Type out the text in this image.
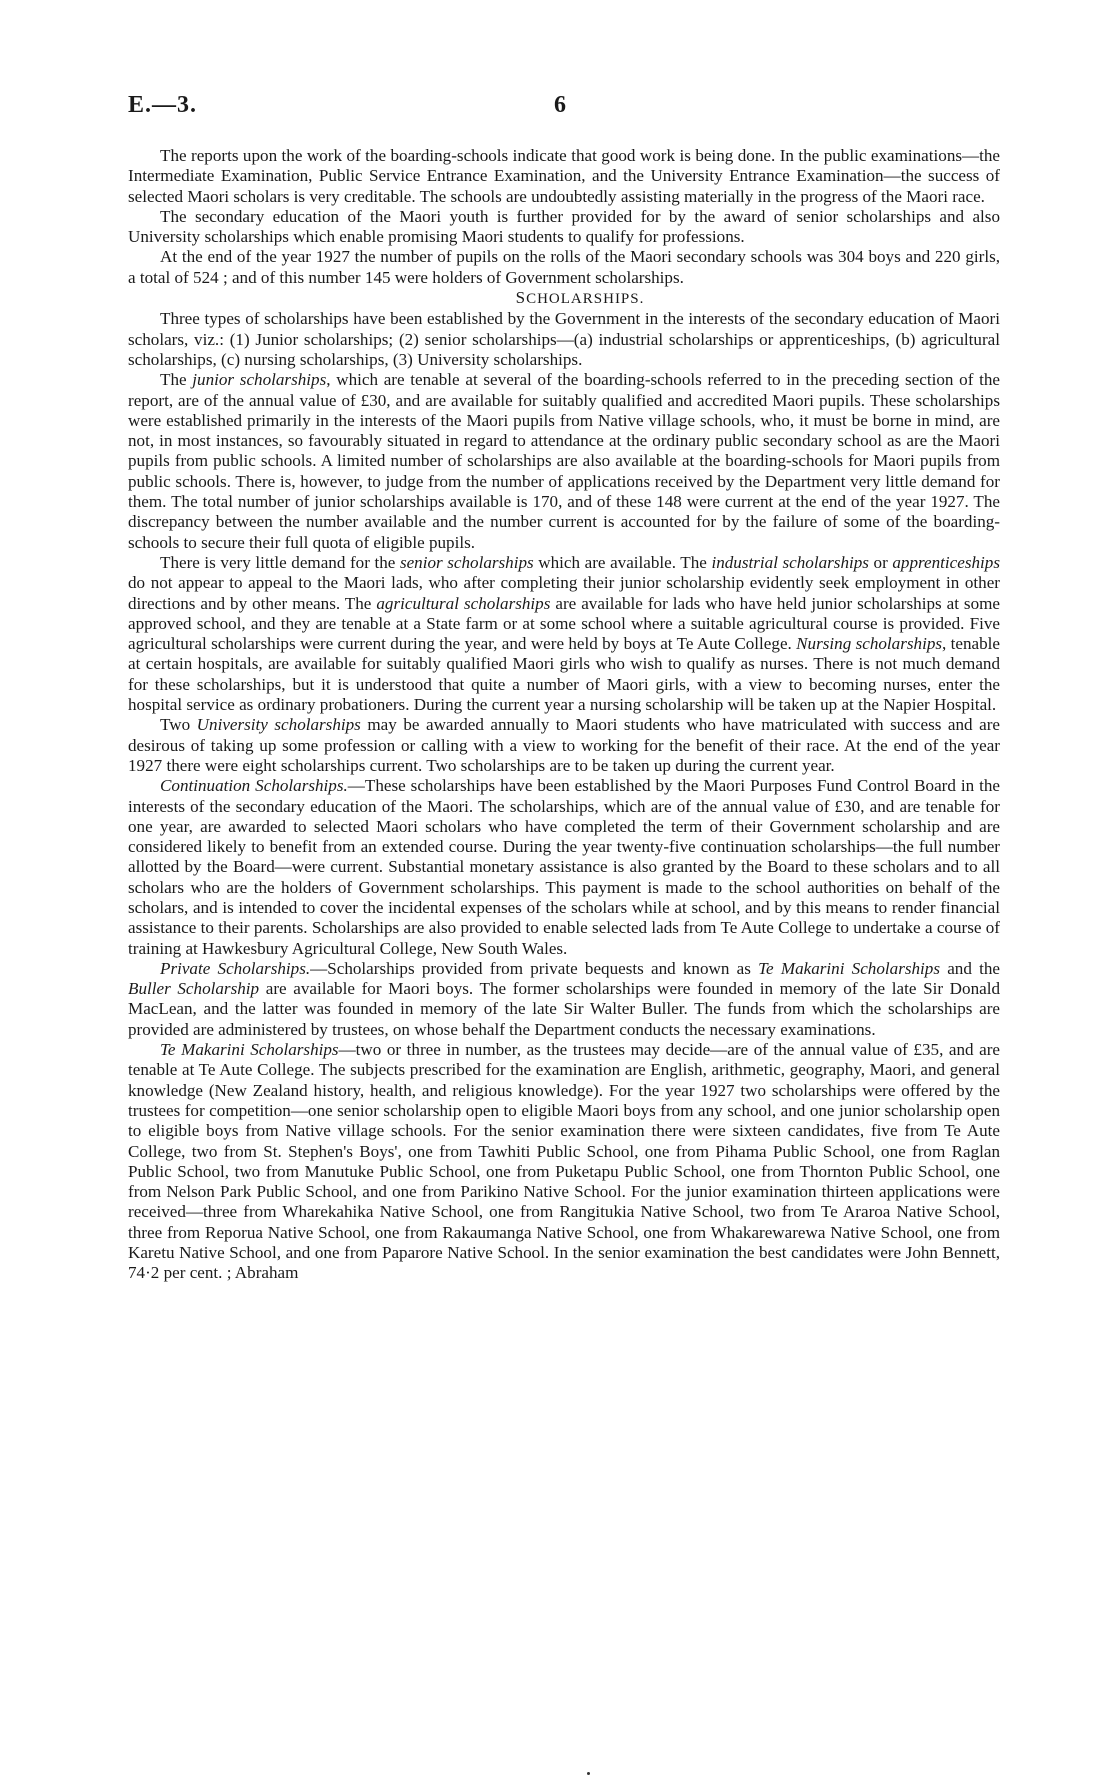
E.—3.	6

The reports upon the work of the boarding-schools indicate that good work is being done. In the public examinations—the Intermediate Examination, Public Service Entrance Examination, and the University Entrance Examination—the success of selected Maori scholars is very creditable. The schools are undoubtedly assisting materially in the progress of the Maori race.

The secondary education of the Maori youth is further provided for by the award of senior scholarships and also University scholarships which enable promising Maori students to qualify for professions.

At the end of the year 1927 the number of pupils on the rolls of the Maori secondary schools was 304 boys and 220 girls, a total of 524 ; and of this number 145 were holders of Government scholarships.

SCHOLARSHIPS.

Three types of scholarships have been established by the Government in the interests of the secondary education of Maori scholars, viz.: (1) Junior scholarships; (2) senior scholarships—(a) industrial scholarships or apprenticeships, (b) agricultural scholarships, (c) nursing scholarships, (3) University scholarships.

The junior scholarships, which are tenable at several of the boarding-schools referred to in the preceding section of the report, are of the annual value of £30, and are available for suitably qualified and accredited Maori pupils. These scholarships were established primarily in the interests of the Maori pupils from Native village schools, who, it must be borne in mind, are not, in most instances, so favourably situated in regard to attendance at the ordinary public secondary school as are the Maori pupils from public schools. A limited number of scholarships are also available at the boarding-schools for Maori pupils from public schools. There is, however, to judge from the number of applications received by the Department very little demand for them. The total number of junior scholarships available is 170, and of these 148 were current at the end of the year 1927. The discrepancy between the number available and the number current is accounted for by the failure of some of the boarding-schools to secure their full quota of eligible pupils.

There is very little demand for the senior scholarships which are available. The industrial scholarships or apprenticeships do not appear to appeal to the Maori lads, who after completing their junior scholarship evidently seek employment in other directions and by other means. The agricultural scholarships are available for lads who have held junior scholarships at some approved school, and they are tenable at a State farm or at some school where a suitable agricultural course is provided. Five agricultural scholarships were current during the year, and were held by boys at Te Aute College. Nursing scholarships, tenable at certain hospitals, are available for suitably qualified Maori girls who wish to qualify as nurses. There is not much demand for these scholarships, but it is understood that quite a number of Maori girls, with a view to becoming nurses, enter the hospital service as ordinary probationers. During the current year a nursing scholarship will be taken up at the Napier Hospital.

Two University scholarships may be awarded annually to Maori students who have matriculated with success and are desirous of taking up some profession or calling with a view to working for the benefit of their race. At the end of the year 1927 there were eight scholarships current. Two scholarships are to be taken up during the current year.

Continuation Scholarships.—These scholarships have been established by the Maori Purposes Fund Control Board in the interests of the secondary education of the Maori. The scholarships, which are of the annual value of £30, and are tenable for one year, are awarded to selected Maori scholars who have completed the term of their Government scholarship and are considered likely to benefit from an extended course. During the year twenty-five continuation scholarships—the full number allotted by the Board—were current. Substantial monetary assistance is also granted by the Board to these scholars and to all scholars who are the holders of Government scholarships. This payment is made to the school authorities on behalf of the scholars, and is intended to cover the incidental expenses of the scholars while at school, and by this means to render financial assistance to their parents. Scholarships are also provided to enable selected lads from Te Aute College to undertake a course of training at Hawkesbury Agricultural College, New South Wales.

Private Scholarships.—Scholarships provided from private bequests and known as Te Makarini Scholarships and the Buller Scholarship are available for Maori boys. The former scholarships were founded in memory of the late Sir Donald MacLean, and the latter was founded in memory of the late Sir Walter Buller. The funds from which the scholarships are provided are administered by trustees, on whose behalf the Department conducts the necessary examinations.

Te Makarini Scholarships—two or three in number, as the trustees may decide—are of the annual value of £35, and are tenable at Te Aute College. The subjects prescribed for the examination are English, arithmetic, geography, Maori, and general knowledge (New Zealand history, health, and religious knowledge). For the year 1927 two scholarships were offered by the trustees for competition—one senior scholarship open to eligible Maori boys from any school, and one junior scholarship open to eligible boys from Native village schools. For the senior examination there were sixteen candidates, five from Te Aute College, two from St. Stephen's Boys', one from Tawhiti Public School, one from Pihama Public School, one from Raglan Public School, two from Manutuke Public School, one from Puketapu Public School, one from Thornton Public School, one from Nelson Park Public School, and one from Parikino Native School. For the junior examination thirteen applications were received—three from Wharekahika Native School, one from Rangitukia Native School, two from Te Araroa Native School, three from Reporua Native School, one from Rakaumanga Native School, one from Whakarewarewa Native School, one from Karetu Native School, and one from Paparore Native School. In the senior examination the best candidates were John Bennett, 74·2 per cent. ; Abraham
